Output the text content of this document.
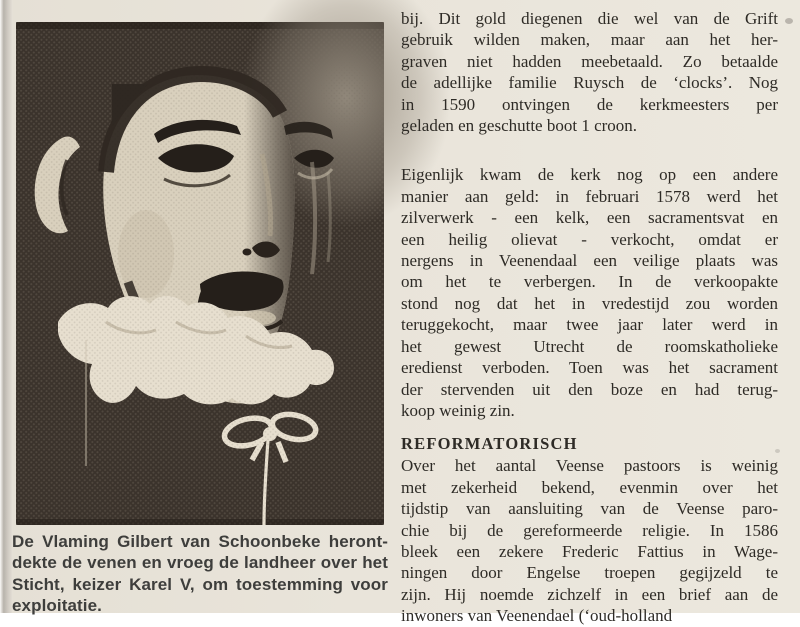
De Vlaming Gilbert van Schoonbeke heront-
dekte de venen en vroeg de landheer over het
Sticht, keizer Karel V, om toestemming voor
exploitatie.
bij. Dit gold diegenen die wel van de Grift
gebruik wilden maken, maar aan het her-
graven niet hadden meebetaald. Zo betaalde
de adellijke familie Ruysch de ‘clocks’. Nog
in 1590 ontvingen de kerkmeesters per
geladen en geschutte boot 1 croon.
Eigenlijk kwam de kerk nog op een andere
manier aan geld: in februari 1578 werd het
zilverwerk - een kelk, een sacramentsvat en
een heilig olievat - verkocht, omdat er
nergens in Veenendaal een veilige plaats was
om het te verbergen. In de verkoopakte
stond nog dat het in vredestijd zou worden
teruggekocht, maar twee jaar later werd in
het gewest Utrecht de roomskatholieke
eredienst verboden. Toen was het sacrament
der stervenden uit den boze en had terug-
koop weinig zin.
REFORMATORISCH
Over het aantal Veense pastoors is weinig
met zekerheid bekend, evenmin over het
tijdstip van aansluiting van de Veense paro-
chie bij de gereformeerde religie. In 1586
bleek een zekere Frederic Fattius in Wage-
ningen door Engelse troepen gegijzeld te
zijn. Hij noemde zichzelf in een brief aan de
inwoners van Veenendael (‘oud-holland
